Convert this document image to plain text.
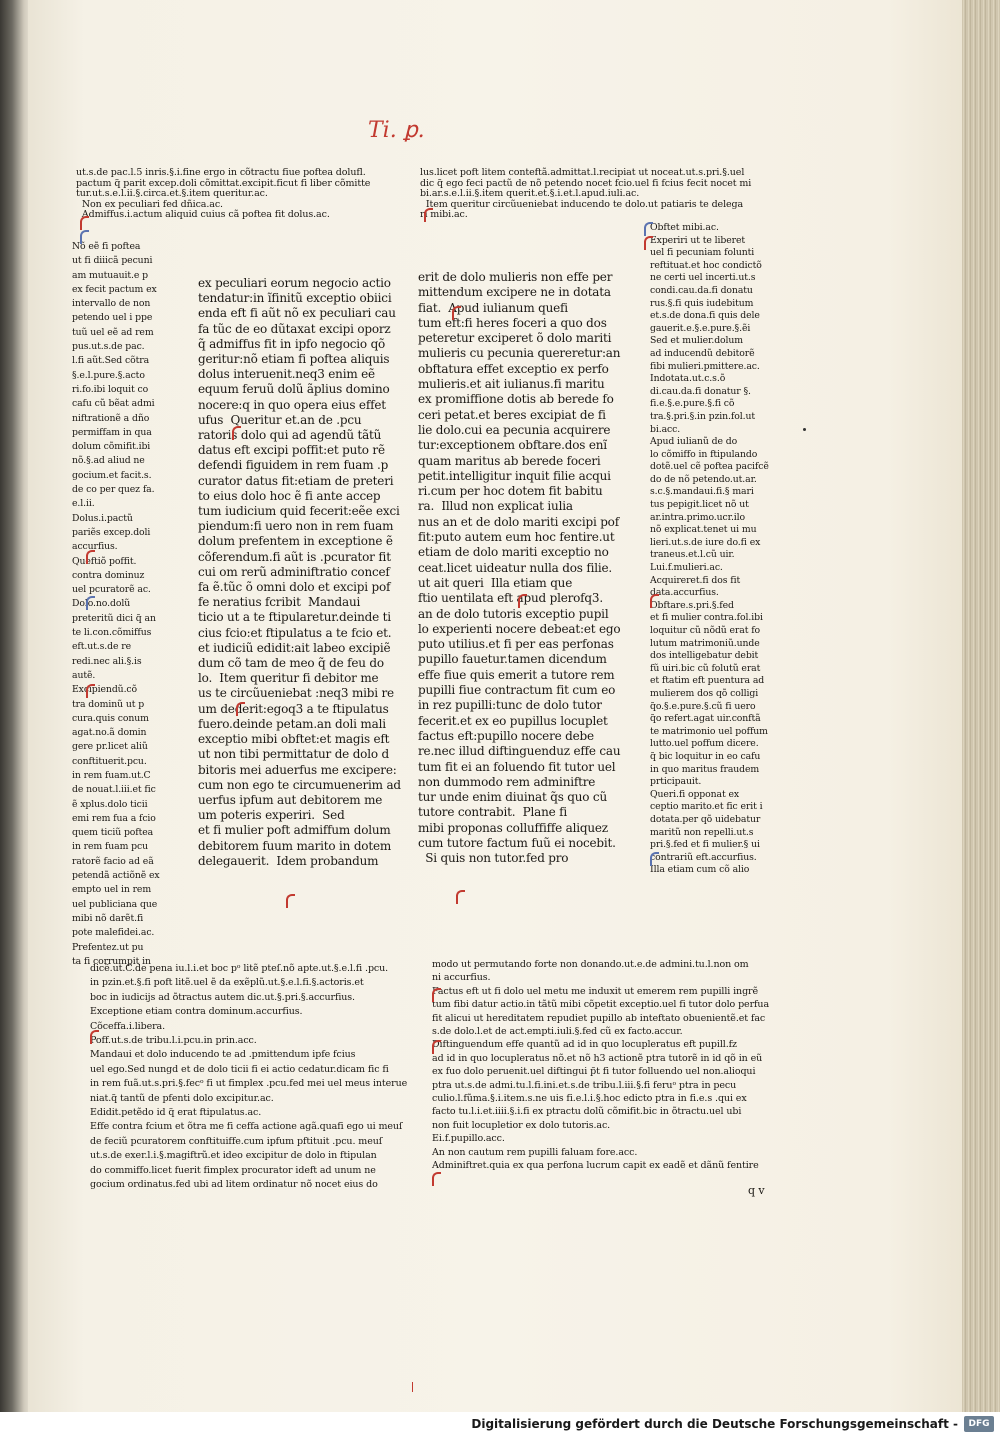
Ti. ꝑ.
ut.s.de pac.l.5 inris.§.i.fine ergo in cõtractu fiue poftea dolufl.
pactum q̃ parit excep.doli cõmittat.excipit.ficut fi liber cõmitte
tur.ut.s.e.l.ii.§.circa.et.§.item queritur.ac.
Non ex peculiari fed dñica.ac.
Admiffus.i.actum aliquid cuius cã poftea fit dolus.ac.
lus.licet poft litem conteftã.admittat.l.recipiat ut noceat.ut.s.pri.§.uel
dic q̃ ego feci pactũ de nõ petendo nocet fcio.uel fi fcius fecit nocet mi
bi.ar.s.e.l.ii.§.item querit.et.§.i.et.l.apud.iuli.ac.
Item queritur circũueniebat inducendo te dolo.ut patiaris te delega
ri mibi.ac.
Nõ eẽ fi poftea
ut fi diiicã pecuni
am mutuauit.e p
ex fecit pactum ex
intervallo de non
petendo uel i ppe
tuũ uel eẽ ad rem
pus.ut.s.de pac.
l.fi aũt.Sed cõtra
§.e.l.pure.§.acto
ri.fo.ibi loquit co
cafu cũ bẽat admi
niftrationẽ a dño
permiffam in qua
dolum cõmifit.ibi
nõ.§.ad aliud ne
gocium.et facit.s.
de co per quez fa.
e.l.ii.
Dolus.i.pactũ
pariẽs excep.doli
accurfius.
Queftiõ poffit.
contra dominuz
uel pcuratorẽ ac.
Dolo.no.dolũ
preteritũ dici q̃ an
te li.con.cõmiffus
eft.ut.s.de re
redi.nec ali.§.is
autẽ.
Excipiendũ.cõ
tra dominũ ut p
cura.quis conum
agat.no.ã domin
gere pr.licet aliũ
conftituerit.pcu.
in rem fuam.ut.C
de nouat.l.iii.et fic
ẽ xplus.dolo ticii
emi rem fua a fcio
quem ticiũ poftea
in rem fuam pcu
ratorẽ facio ad eã
petendã actiõnẽ ex
empto uel in rem
uel publiciana que
mibi nõ darẽt.fi
pote malefidei.ac.
Prefentez.ut pu
ta fi corrumpit in
ex peculiari eorum negocio actio
tendatur:in ĩfinitũ exceptio obiici
enda eft fi aũt nõ ex peculiari cau
fa tũc de eo dũtaxat excipi oporz
q̃ admiffus fit in ipfo negocio qõ
geritur:nõ etiam fi poftea aliquis
dolus interuenit.neq3 enim eẽ
equum feruũ dolũ ãplius domino
nocere:q in quo opera eius effet
ufus  Queritur et.an de .pcu
ratoris dolo qui ad agendũ tãtũ
datus eft excipi poffit:et puto rẽ
defendi figuidem in rem fuam .p
curator datus fit:etiam de preteri
to eius dolo hoc ẽ fi ante accep
tum iudicium quid fecerit:eẽe exci
piendum:fi uero non in rem fuam
dolum prefentem in exceptione ẽ
cõferendum.fi aũt is .pcurator fit
cui om rerũ adminiftratio concef
fa ẽ.tũc õ omni dolo et excipi pof
fe neratius fcribit  Mandaui
ticio ut a te ftipularetur.deinde ti
cius fcio:et ftipulatus a te fcio et.
et iudiciũ edidit:ait labeo excipiẽ
dum cõ tam de meo q̃ de feu do
lo.  Item queritur fi debitor me
us te circũueniebat :neq3 mibi re
um dederit:egoq3 a te ftipulatus
fuero.deinde petam.an doli mali
exceptio mibi obftet:et magis eft
ut non tibi permittatur de dolo d
bitoris mei aduerfus me excipere:
cum non ego te circumuenerim ad
uerfus ipfum aut debitorem me
um poteris experiri.  Sed
et fi mulier poft admiffum dolum
debitorem fuum marito in dotem
delegauerit.  Idem probandum
erit de dolo mulieris non effe per
mittendum excipere ne in dotata
fiat.  Apud iulianum quefi
tum eft:fi heres foceri a quo dos
peteretur exciperet õ dolo mariti
mulieris cu pecunia quereretur:an
obftatura effet exceptio ex perfo
mulieris.et ait iulianus.fi maritu
ex promiffione dotis ab berede fo
ceri petat.et beres excipiat de fi
lie dolo.cui ea pecunia acquirere
tur:exceptionem obftare.dos enĩ
quam maritus ab berede foceri
petit.intelligitur inquit filie acqui
ri.cum per hoc dotem fit babitu
ra.  Illud non explicat iulia
nus an et de dolo mariti excipi pof
fit:puto autem eum hoc fentire.ut
etiam de dolo mariti exceptio no
ceat.licet uideatur nulla dos filie.
ut ait queri  Illa etiam que
ftio uentilata eft apud plerofq3.
an de dolo tutoris exceptio pupil
lo experienti nocere debeat:et ego
puto utilius.et fi per eas perfonas
pupillo fauetur.tamen dicendum
effe fiue quis emerit a tutore rem
pupilli fiue contractum fit cum eo
in rez pupilli:tunc de dolo tutor
fecerit.et ex eo pupillus locuplet
factus eft:pupillo nocere debe
re.nec illud diftinguenduz effe cau
tum fit ei an foluendo fit tutor uel
non dummodo rem adminiftre
tur unde enim diuinat q̃s quo cũ
tutore contrabit.  Plane fi
mibi proponas colluffiffe aliquez
cum tutore factum fuũ ei nocebit.
Si quis non tutor.fed pro
Obftet mibi.ac.
Experiri ut te liberet
uel fi pecuniam folunti
reftituat.et hoc condictõ
ne certi uel incerti.ut.s
condi.cau.da.fi donatu
rus.§.fi quis iudebitum
et.s.de dona.fi quis dele
gauerit.e.§.e.pure.§.ẽi
Sed et mulier.dolum
ad inducendũ debitorẽ
fibi mulieri.pmittere.ac.
Indotata.ut.c.s.õ
di.cau.da.fi donatur §.
fi.e.§.e.pure.§.fi cõ
tra.§.pri.§.in pzin.fol.ut
bi.acc.
Apud iulianũ de do
lo cõmiffo in ftipulando
dotẽ.uel cẽ poftea pacifcẽ
do de nõ petendo.ut.ar.
s.c.§.mandaui.fi.§ mari
tus pepigit.licet nõ ut
ar.intra.primo.ucr.ilo
nõ explicat.tenet ui mu
lieri.ut.s.de iure do.fi ex
traneus.et.l.cũ uir.
Lui.f.mulieri.ac.
Acquireret.fi dos fit
data.accurfius.
Obftare.s.pri.§.fed
et fi mulier contra.fol.ibi
loquitur cũ nõdũ erat fo
lutum matrimoniũ.unde
dos intelligebatur debit
fũ uiri.bic cũ folutũ erat
et ftatim eft puentura ad
mulierem dos qõ colligi
q̃o.§.e.pure.§.cũ fi uero
q̃o refert.agat uir.conftã
te matrimonio uel poffum
lutto.uel poffum dicere.
q̃ bic loquitur in eo cafu
in quo maritus fraudem
prticipauit.
Queri.fi opponat ex
ceptio marito.et fic erit i
dotata.per qõ uidebatur
maritũ non repelli.ut.s
pri.§.fed et fi mulier.§ ui
contrariũ eft.accurfius.
Illa etiam cum cõ alio
dicẽ.ut.C.de pena iu.l.i.et boc pᵒ litẽ pteſ.nõ apte.ut.§.e.l.fi .pcu.
in pzin.et.§.fi poft litẽ.uel ẽ da exẽplũ.ut.§.e.l.fi.§.actoris.et
boc in iudicijs ad õtractus autem dic.ut.§.pri.§.accurfius.
Exceptione etiam contra dominum.accurfius.
Cõceffa.i.libera.
Poff.ut.s.de tribu.l.i.pcu.in prin.acc.
Mandaui et dolo inducendo te ad .pmittendum ipfe fcius
uel ego.Sed nungd et de dolo ticii fi ei actio cedatur.dicam fic fi
in rem fuã.ut.s.pri.§.fecᵒ fi ut fimplex .pcu.fed mei uel meus interue
niat.q̃ tantũ de pfenti dolo excipitur.ac.
Edidit.petẽdo id q̃ erat ftipulatus.ac.
Effe contra fcium et õtra me fi ceffa actione agã.quafi ego ui meuſ
de feciũ pcuratorem conftituiffe.cum ipfum pftituit .pcu. meuſ
ut.s.de exer.l.i.§.magiftrũ.et ideo excipitur de dolo in ftipulan
do commiffo.licet fuerit fimplex procurator ideft ad unum ne
gocium ordinatus.fed ubi ad litem ordinatur nõ nocet eius do
modo ut permutando forte non donando.ut.e.de admini.tu.l.non om
ni accurfius.
Factus eft ut fi dolo uel metu me induxit ut emerem rem pupilli ingrẽ
tum fibi datur actio.in tãtũ mibi cõpetit exceptio.uel fi tutor dolo perfua
fit alicui ut hereditatem repudiet pupillo ab inteftato obuenientẽ.et fac
s.de dolo.l.et de act.empti.iuli.§.fed cũ ex facto.accur.
Diftinguendum effe quantũ ad id in quo locupleratus eft pupill.fz
ad id in quo locupleratus nõ.et nõ h3 actionẽ ptra tutorẽ in id qõ in eũ
ex fuo dolo peruenit.uel diftingui p̃t fi tutor folluendo uel non.alioqui
ptra ut.s.de admi.tu.l.fi.ini.et.s.de tribu.l.iii.§.fi feruᵒ ptra in pecu
culio.l.fũma.§.i.item.s.ne uis fi.e.l.i.§.hoc edicto ptra in fi.e.s .qui ex
facto tu.l.i.et.iiii.§.i.fi ex ptractu dolũ cõmifit.bic in õtractu.uel ubi
non fuit locupletior ex dolo tutoris.ac.
Ei.f.pupillo.acc.
An non cautum rem pupilli faluam fore.acc.
Adminiftret.quia ex qua perfona lucrum capit ex eadẽ et dãnũ fentire
q v
Digitalisierung gefördert durch die Deutsche Forschungsgemeinschaft -	DFG
